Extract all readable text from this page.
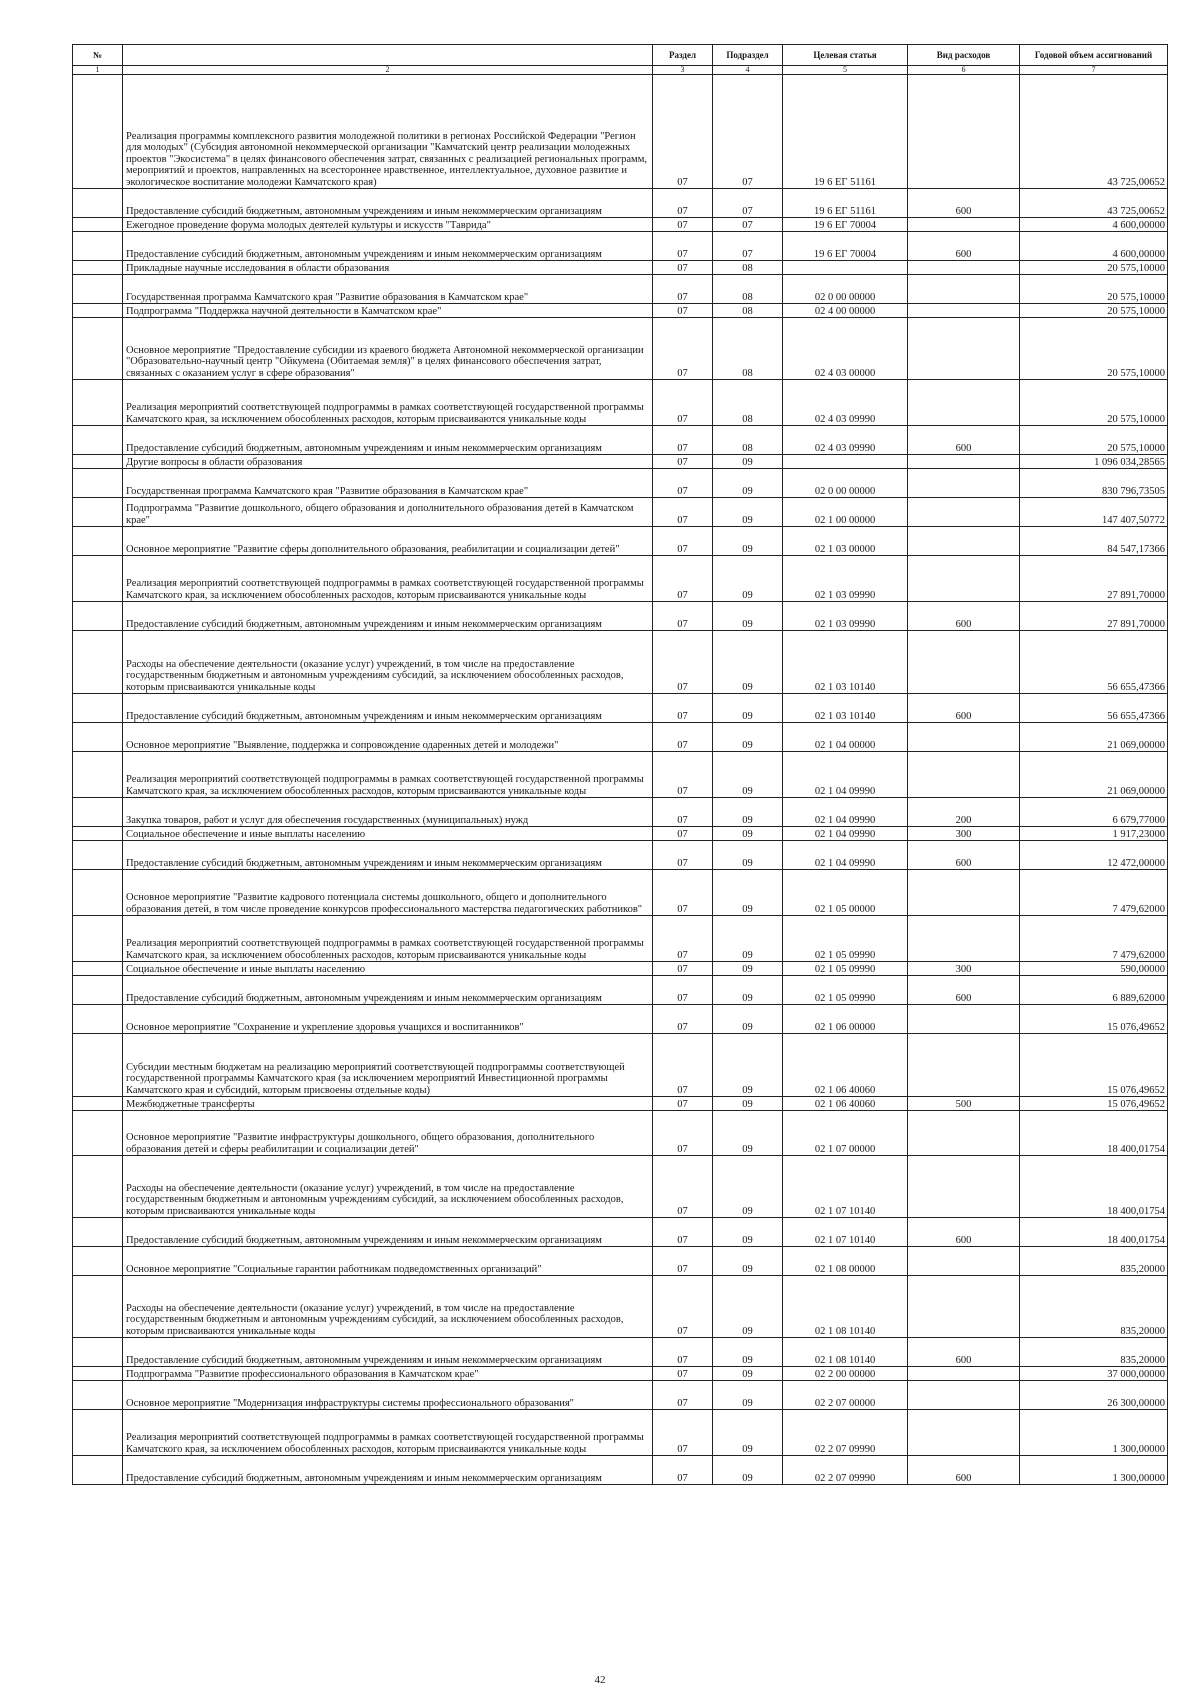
№		Раздел	Подраздел	Целевая статья	Вид расходов	Годовой объем ассигнований
1	2	3	4	5	6	7
	Реализация программы комплексного развития молодежной политики в регионах Российской Федерации "Регион для молодых" (Субсидия автономной некоммерческой организации "Камчатский центр реализации молодежных проектов "Экосистема" в целях финансового обеспечения затрат, связанных с реализацией региональных программ, мероприятий и проектов, направленных на всестороннее нравственное, интеллектуальное, духовное развитие и экологическое воспитание молодежи Камчатского края)	07	07	19 6 ЕГ 51161		43 725,00652
	Предоставление субсидий бюджетным, автономным учреждениям и иным некоммерческим организациям	07	07	19 6 ЕГ 51161	600	43 725,00652
	Ежегодное проведение форума молодых деятелей культуры и искусств "Таврида"	07	07	19 6 ЕГ 70004		4 600,00000
	Предоставление субсидий бюджетным, автономным учреждениям и иным некоммерческим организациям	07	07	19 6 ЕГ 70004	600	4 600,00000
	Прикладные научные исследования в области образования	07	08			20 575,10000
	Государственная программа Камчатского края "Развитие образования в Камчатском крае"	07	08	02 0 00 00000		20 575,10000
	Подпрограмма "Поддержка научной деятельности в Камчатском крае"	07	08	02 4 00 00000		20 575,10000
	Основное мероприятие "Предоставление субсидии из краевого бюджета Автономной некоммерческой организации "Образовательно-научный центр "Ойкумена (Обитаемая земля)" в целях финансового обеспечения затрат, связанных с оказанием услуг в сфере образования"	07	08	02 4 03 00000		20 575,10000
	Реализация мероприятий соответствующей подпрограммы в рамках соответствующей государственной программы Камчатского края, за исключением обособленных расходов, которым присваиваются уникальные коды	07	08	02 4 03 09990		20 575,10000
	Предоставление субсидий бюджетным, автономным учреждениям и иным некоммерческим организациям	07	08	02 4 03 09990	600	20 575,10000
	Другие вопросы в области образования	07	09			1 096 034,28565
	Государственная программа Камчатского края "Развитие образования в Камчатском крае"	07	09	02 0 00 00000		830 796,73505
	Подпрограмма "Развитие дошкольного, общего образования и дополнительного образования детей в Камчатском крае"	07	09	02 1 00 00000		147 407,50772
	Основное мероприятие "Развитие сферы дополнительного образования, реабилитации и социализации детей"	07	09	02 1 03 00000		84 547,17366
	Реализация мероприятий соответствующей подпрограммы в рамках соответствующей государственной программы Камчатского края, за исключением обособленных расходов, которым присваиваются уникальные коды	07	09	02 1 03 09990		27 891,70000
	Предоставление субсидий бюджетным, автономным учреждениям и иным некоммерческим организациям	07	09	02 1 03 09990	600	27 891,70000
	Расходы на обеспечение деятельности (оказание услуг) учреждений, в том числе на предоставление государственным бюджетным и автономным учреждениям субсидий, за исключением обособленных расходов, которым присваиваются уникальные коды	07	09	02 1 03 10140		56 655,47366
	Предоставление субсидий бюджетным, автономным учреждениям и иным некоммерческим организациям	07	09	02 1 03 10140	600	56 655,47366
	Основное мероприятие "Выявление, поддержка и сопровождение одаренных детей и молодежи"	07	09	02 1 04 00000		21 069,00000
	Реализация мероприятий соответствующей подпрограммы в рамках соответствующей государственной программы Камчатского края, за исключением обособленных расходов, которым присваиваются уникальные коды	07	09	02 1 04 09990		21 069,00000
	Закупка товаров, работ и услуг для обеспечения государственных (муниципальных) нужд	07	09	02 1 04 09990	200	6 679,77000
	Социальное обеспечение и иные выплаты населению	07	09	02 1 04 09990	300	1 917,23000
	Предоставление субсидий бюджетным, автономным учреждениям и иным некоммерческим организациям	07	09	02 1 04 09990	600	12 472,00000
	Основное мероприятие "Развитие кадрового потенциала системы дошкольного, общего и дополнительного образования детей, в том числе проведение конкурсов профессионального мастерства педагогических работников"	07	09	02 1 05 00000		7 479,62000
	Реализация мероприятий соответствующей подпрограммы в рамках соответствующей государственной программы Камчатского края, за исключением обособленных расходов, которым присваиваются уникальные коды	07	09	02 1 05 09990		7 479,62000
	Социальное обеспечение и иные выплаты населению	07	09	02 1 05 09990	300	590,00000
	Предоставление субсидий бюджетным, автономным учреждениям и иным некоммерческим организациям	07	09	02 1 05 09990	600	6 889,62000
	Основное мероприятие "Сохранение и укрепление здоровья учащихся и воспитанников"	07	09	02 1 06 00000		15 076,49652
	Субсидии местным бюджетам на реализацию мероприятий соответствующей подпрограммы соответствующей государственной программы Камчатского края (за исключением мероприятий Инвестиционной программы Камчатского края и субсидий, которым присвоены отдельные коды)	07	09	02 1 06 40060		15 076,49652
	Межбюджетные трансферты	07	09	02 1 06 40060	500	15 076,49652
	Основное мероприятие "Развитие инфраструктуры дошкольного, общего образования, дополнительного образования детей и сферы реабилитации и социализации детей"	07	09	02 1 07 00000		18 400,01754
	Расходы на обеспечение деятельности (оказание услуг) учреждений, в том числе на предоставление государственным бюджетным и автономным учреждениям субсидий, за исключением обособленных расходов, которым присваиваются уникальные коды	07	09	02 1 07 10140		18 400,01754
	Предоставление субсидий бюджетным, автономным учреждениям и иным некоммерческим организациям	07	09	02 1 07 10140	600	18 400,01754
	Основное мероприятие "Социальные гарантии работникам подведомственных организаций"	07	09	02 1 08 00000		835,20000
	Расходы на обеспечение деятельности (оказание услуг) учреждений, в том числе на предоставление государственным бюджетным и автономным учреждениям субсидий, за исключением обособленных расходов, которым присваиваются уникальные коды	07	09	02 1 08 10140		835,20000
	Предоставление субсидий бюджетным, автономным учреждениям и иным некоммерческим организациям	07	09	02 1 08 10140	600	835,20000
	Подпрограмма "Развитие профессионального образования в Камчатском крае"	07	09	02 2 00 00000		37 000,00000
	Основное мероприятие "Модернизация инфраструктуры системы профессионального образования"	07	09	02 2 07 00000		26 300,00000
	Реализация мероприятий соответствующей подпрограммы в рамках соответствующей государственной программы Камчатского края, за исключением обособленных расходов, которым присваиваются уникальные коды	07	09	02 2 07 09990		1 300,00000
	Предоставление субсидий бюджетным, автономным учреждениям и иным некоммерческим организациям	07	09	02 2 07 09990	600	1 300,00000
42
